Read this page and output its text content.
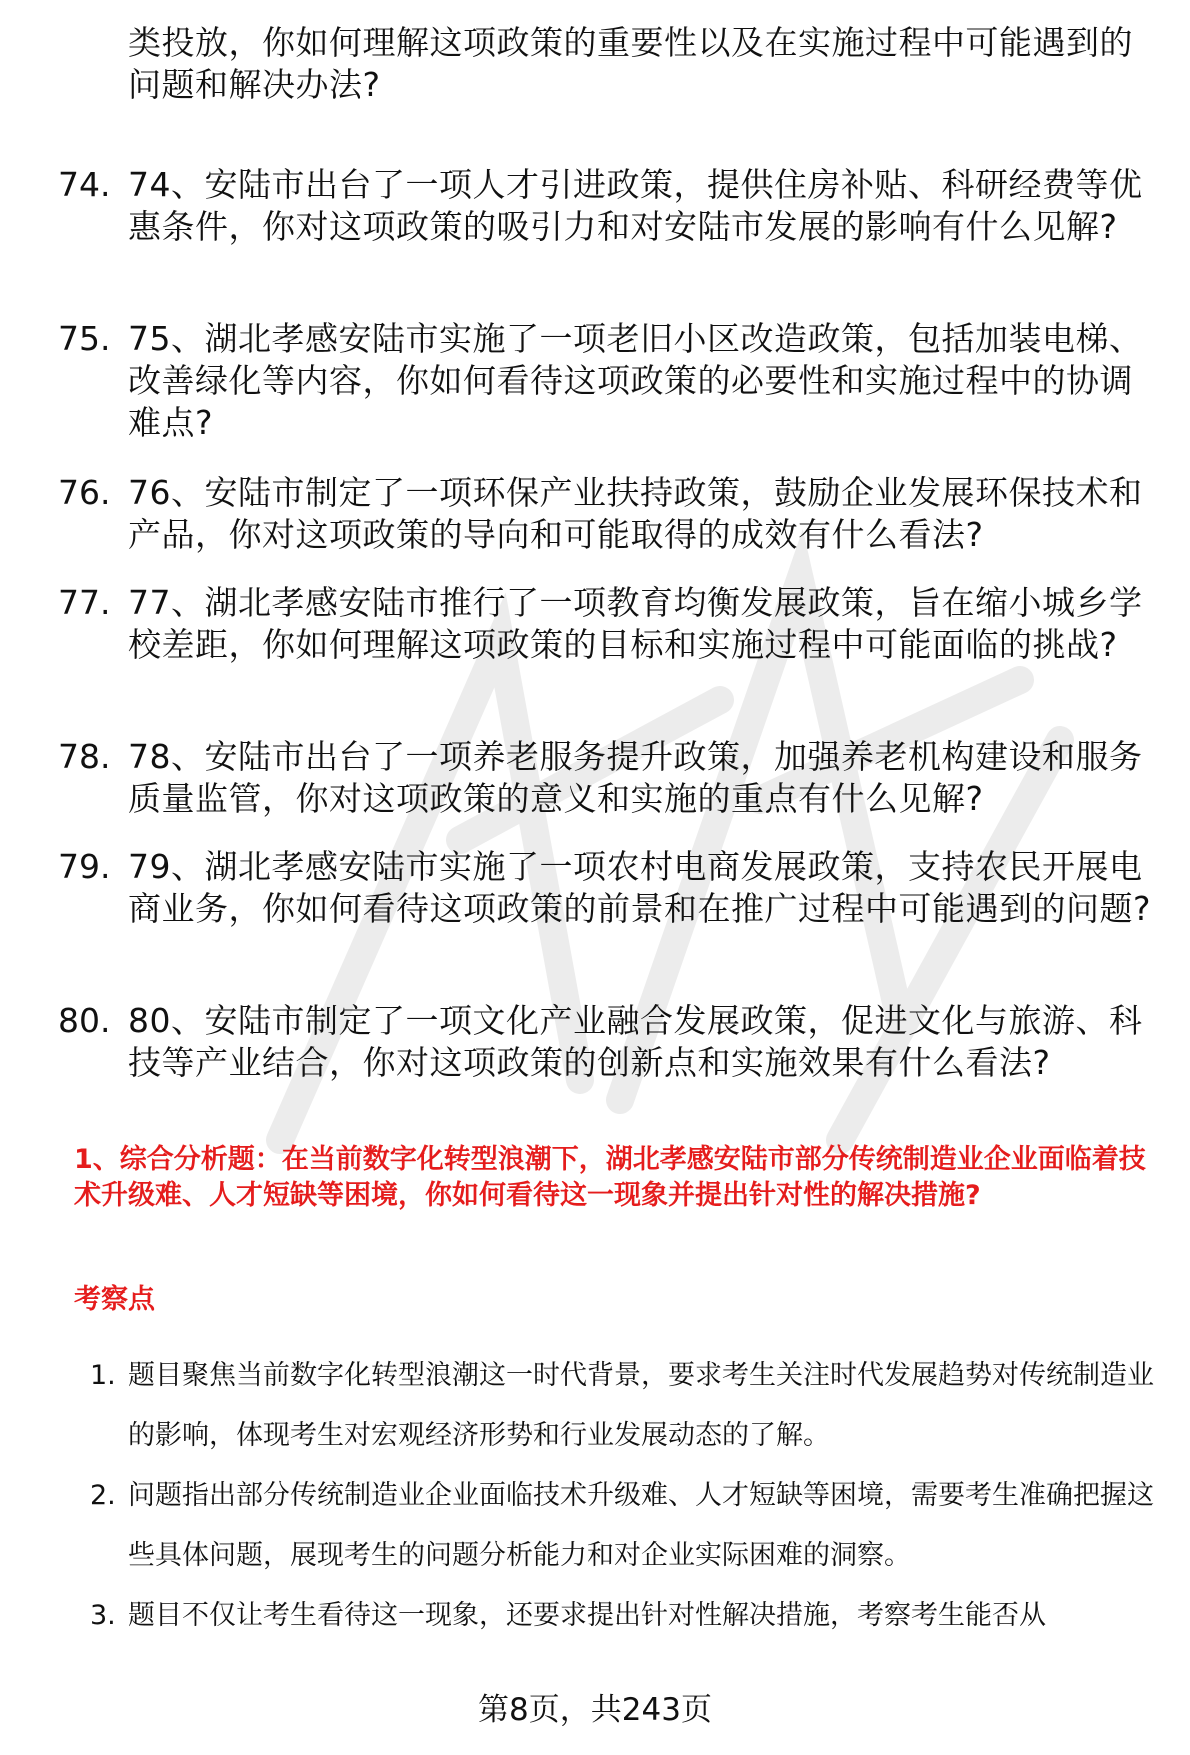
类投放，你如何理解这项政策的重要性以及在实施过程中可能遇到的问题和解决办法?
74. 74、安陆市出台了一项人才引进政策，提供住房补贴、科研经费等优惠条件，你对这项政策的吸引力和对安陆市发展的影响有什么见解?
75. 75、湖北孝感安陆市实施了一项老旧小区改造政策，包括加装电梯、改善绿化等内容，你如何看待这项政策的必要性和实施过程中的协调难点?
76. 76、安陆市制定了一项环保产业扶持政策，鼓励企业发展环保技术和产品，你对这项政策的导向和可能取得的成效有什么看法?
77. 77、湖北孝感安陆市推行了一项教育均衡发展政策，旨在缩小城乡学校差距，你如何理解这项政策的目标和实施过程中可能面临的挑战?
78. 78、安陆市出台了一项养老服务提升政策，加强养老机构建设和服务质量监管，你对这项政策的意义和实施的重点有什么见解?
79. 79、湖北孝感安陆市实施了一项农村电商发展政策，支持农民开展电商业务，你如何看待这项政策的前景和在推广过程中可能遇到的问题?
80. 80、安陆市制定了一项文化产业融合发展政策，促进文化与旅游、科技等产业结合，你对这项政策的创新点和实施效果有什么看法?
1、综合分析题：在当前数字化转型浪潮下，湖北孝感安陆市部分传统制造业企业面临着技术升级难、人才短缺等困境，你如何看待这一现象并提出针对性的解决措施?
考察点
1. 题目聚焦当前数字化转型浪潮这一时代背景，要求考生关注时代发展趋势对传统制造业的影响，体现考生对宏观经济形势和行业发展动态的了解。
2. 问题指出部分传统制造业企业面临技术升级难、人才短缺等困境，需要考生准确把握这些具体问题，展现考生的问题分析能力和对企业实际困难的洞察。
3. 题目不仅让考生看待这一现象，还要求提出针对性解决措施，考察考生能否从
第8页，共243页
